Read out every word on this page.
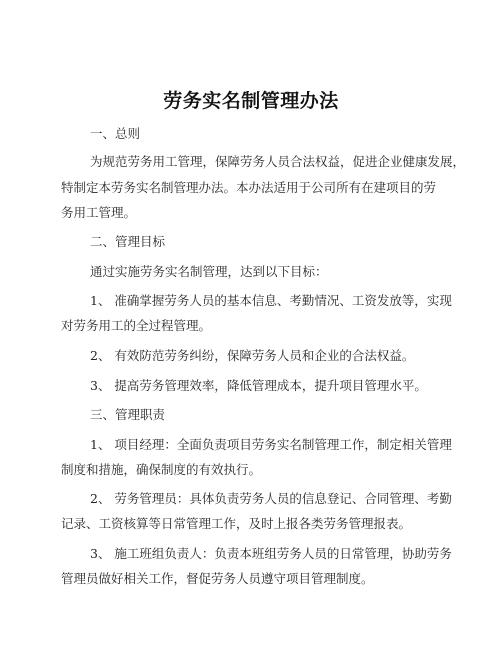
劳务实名制管理办法
一、总则
为规范劳务用工管理，保障劳务人员合法权益，促进企业健康发展，
特制定本劳务实名制管理办法。本办法适用于公司所有在建项目的劳
务用工管理。
二、管理目标
通过实施劳务实名制管理，达到以下目标：
1、 准确掌握劳务人员的基本信息、考勤情况、工资发放等，实现
对劳务用工的全过程管理。
2、 有效防范劳务纠纷，保障劳务人员和企业的合法权益。
3、 提高劳务管理效率，降低管理成本，提升项目管理水平。
三、管理职责
1、 项目经理：全面负责项目劳务实名制管理工作，制定相关管理
制度和措施，确保制度的有效执行。
2、 劳务管理员：具体负责劳务人员的信息登记、合同管理、考勤
记录、工资核算等日常管理工作，及时上报各类劳务管理报表。
3、 施工班组负责人：负责本班组劳务人员的日常管理，协助劳务
管理员做好相关工作，督促劳务人员遵守项目管理制度。
